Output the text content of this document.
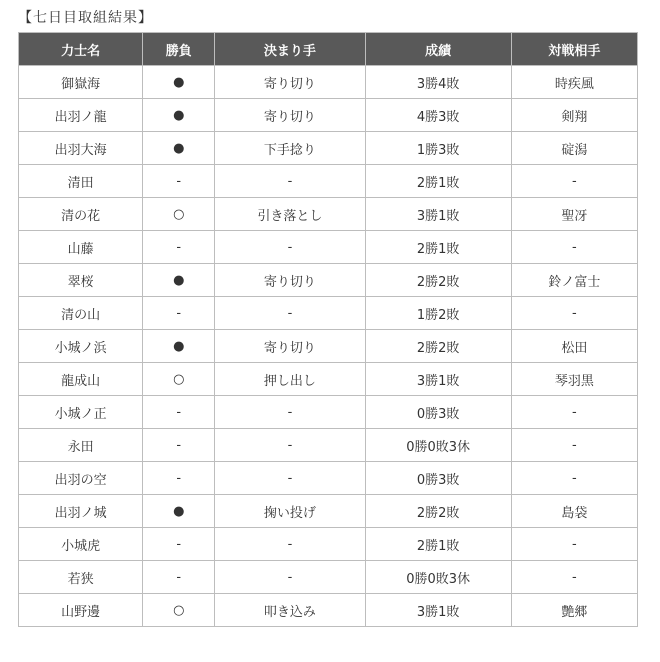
【七日目取組結果】
力士名	勝負	決まり手	成績	対戦相手
御嶽海	●	寄り切り	3勝4敗	時疾風
出羽ノ龍	●	寄り切り	4勝3敗	剣翔
出羽大海	●	下手捻り	1勝3敗	碇潟
清田	-	-	2勝1敗	-
清の花	○	引き落とし	3勝1敗	聖冴
山藤	-	-	2勝1敗	-
翠桜	●	寄り切り	2勝2敗	鈴ノ富士
清の山	-	-	1勝2敗	-
小城ノ浜	●	寄り切り	2勝2敗	松田
龍成山	○	押し出し	3勝1敗	琴羽黒
小城ノ正	-	-	0勝3敗	-
永田	-	-	0勝0敗3休	-
出羽の空	-	-	0勝3敗	-
出羽ノ城	●	掬い投げ	2勝2敗	島袋
小城虎	-	-	2勝1敗	-
若狭	-	-	0勝0敗3休	-
山野邊	○	叩き込み	3勝1敗	艶郷
